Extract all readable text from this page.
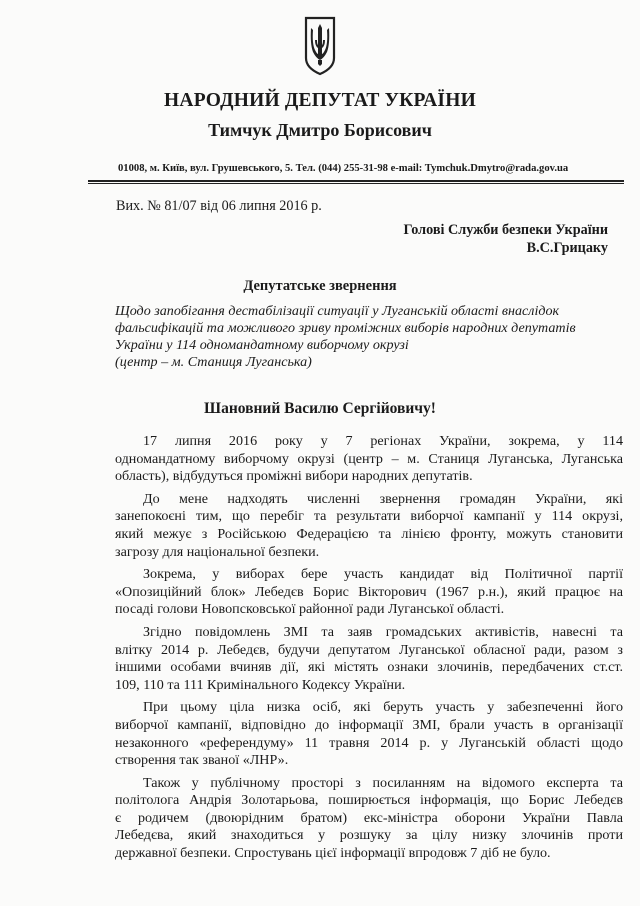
НАРОДНИЙ ДЕПУТАТ УКРАЇНИ
Тимчук Дмитро Борисович
01008, м. Київ, вул. Грушевського, 5. Тел. (044) 255-31-98 e-mail: Tymchuk.Dmytro@rada.gov.ua
Вих. № 81/07 від 06 липня 2016 р.
Голові Служби безпеки України
В.С.Грицаку
Депутатське звернення
Щодо запобігання дестабілізації ситуації у Луганській області внаслідок
фальсифікацій та можливого зриву проміжних виборів народних депутатів
України у 114 одномандатному виборчому окрузі
(центр – м. Станиця Луганська)
Шановний Василю Сергійовичу!

17 липня 2016 року у 7 регіонах України, зокрема, у 114
одномандатному виборчому окрузі (центр – м. Станиця Луганська, Луганська
область), відбудуться проміжні вибори народних депутатів.

До мене надходять численні звернення громадян України, які
занепокоєні тим, що перебіг та результати виборчої кампанії у 114 окрузі,
який межує з Російською Федерацією та лінією фронту, можуть становити
загрозу для національної безпеки.

Зокрема, у виборах бере участь кандидат від Політичної партії
«Опозиційний блок» Лебедєв Борис Вікторович (1967 р.н.), який працює на
посаді голови Новопсковської районної ради Луганської області.

Згідно повідомлень ЗМІ та заяв громадських активістів, навесні та
влітку 2014 р. Лебедєв, будучи депутатом Луганської обласної ради, разом з
іншими особами вчиняв дії, які містять ознаки злочинів, передбачених ст.ст.
109, 110 та 111 Кримінального Кодексу України.

При цьому ціла низка осіб, які беруть участь у забезпеченні його
виборчої кампанії, відповідно до інформації ЗМІ, брали участь в організації
незаконного «референдуму» 11 травня 2014 р. у Луганській області щодо
створення так званої «ЛНР».

Також у публічному просторі з посиланням на відомого експерта та
політолога Андрія Золотарьова, поширюється інформація, що Борис Лебедєв
є родичем (двоюрідним братом) екс-міністра оборони України Павла
Лебедєва, який знаходиться у розшуку за цілу низку злочинів проти
державної безпеки. Спростувань цієї інформації впродовж 7 діб не було.
